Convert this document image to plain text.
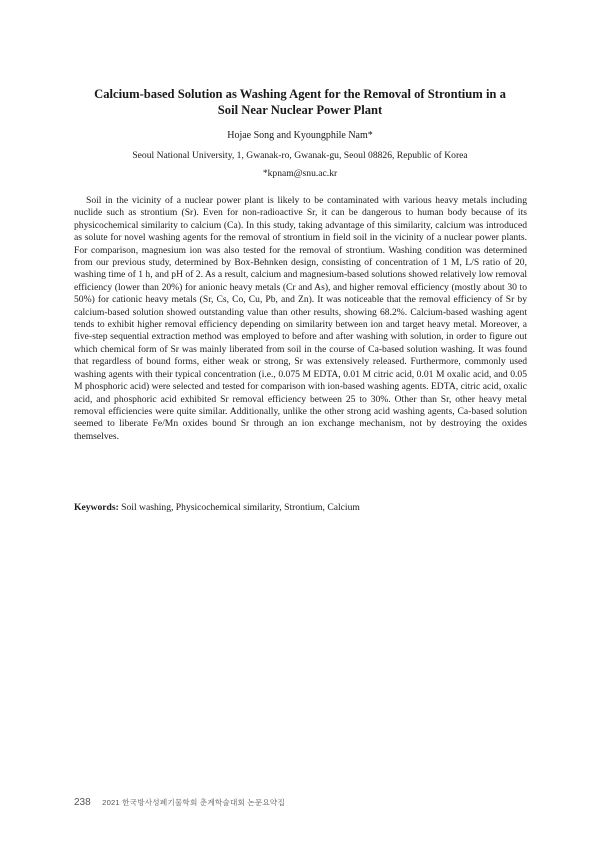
Calcium-based Solution as Washing Agent for the Removal of Strontium in a
Soil Near Nuclear Power Plant
Hojae Song and Kyoungphile Nam*
Seoul National University, 1, Gwanak-ro, Gwanak-gu, Seoul 08826, Republic of Korea
*kpnam@snu.ac.kr

Soil in the vicinity of a nuclear power plant is likely to be contaminated with various heavy metals including nuclide such as strontium (Sr). Even for non-radioactive Sr, it can be dangerous to human body because of its physicochemical similarity to calcium (Ca). In this study, taking advantage of this similarity, calcium was introduced as solute for novel washing agents for the removal of strontium in field soil in the vicinity of a nuclear power plants. For comparison, magnesium ion was also tested for the removal of strontium. Washing condition was determined from our previous study, determined by Box-Behnken design, consisting of concentration of 1 M, L/S ratio of 20, washing time of 1 h, and pH of 2. As a result, calcium and magnesium-based solutions showed relatively low removal efficiency (lower than 20%) for anionic heavy metals (Cr and As), and higher removal efficiency (mostly about 30 to 50%) for cationic heavy metals (Sr, Cs, Co, Cu, Pb, and Zn). It was noticeable that the removal efficiency of Sr by calcium-based solution showed outstanding value than other results, showing 68.2%. Calcium-based washing agent tends to exhibit higher removal efficiency depending on similarity between ion and target heavy metal. Moreover, a five-step sequential extraction method was employed to before and after washing with solution, in order to figure out which chemical form of Sr was mainly liberated from soil in the course of Ca-based solution washing. It was found that regardless of bound forms, either weak or strong, Sr was extensively released. Furthermore, commonly used washing agents with their typical concentration (i.e., 0.075 M EDTA, 0.01 M citric acid, 0.01 M oxalic acid, and 0.05 M phosphoric acid) were selected and tested for comparison with ion-based washing agents. EDTA, citric acid, oxalic acid, and phosphoric acid exhibited Sr removal efficiency between 25 to 30%. Other than Sr, other heavy metal removal efficiencies were quite similar. Additionally, unlike the other strong acid washing agents, Ca-based solution seemed to liberate Fe/Mn oxides bound Sr through an ion exchange mechanism, not by destroying the oxides themselves.

Keywords: Soil washing, Physicochemical similarity, Strontium, Calcium

238 2021 한국방사성폐기물학회 춘계학술대회 논문요약집
